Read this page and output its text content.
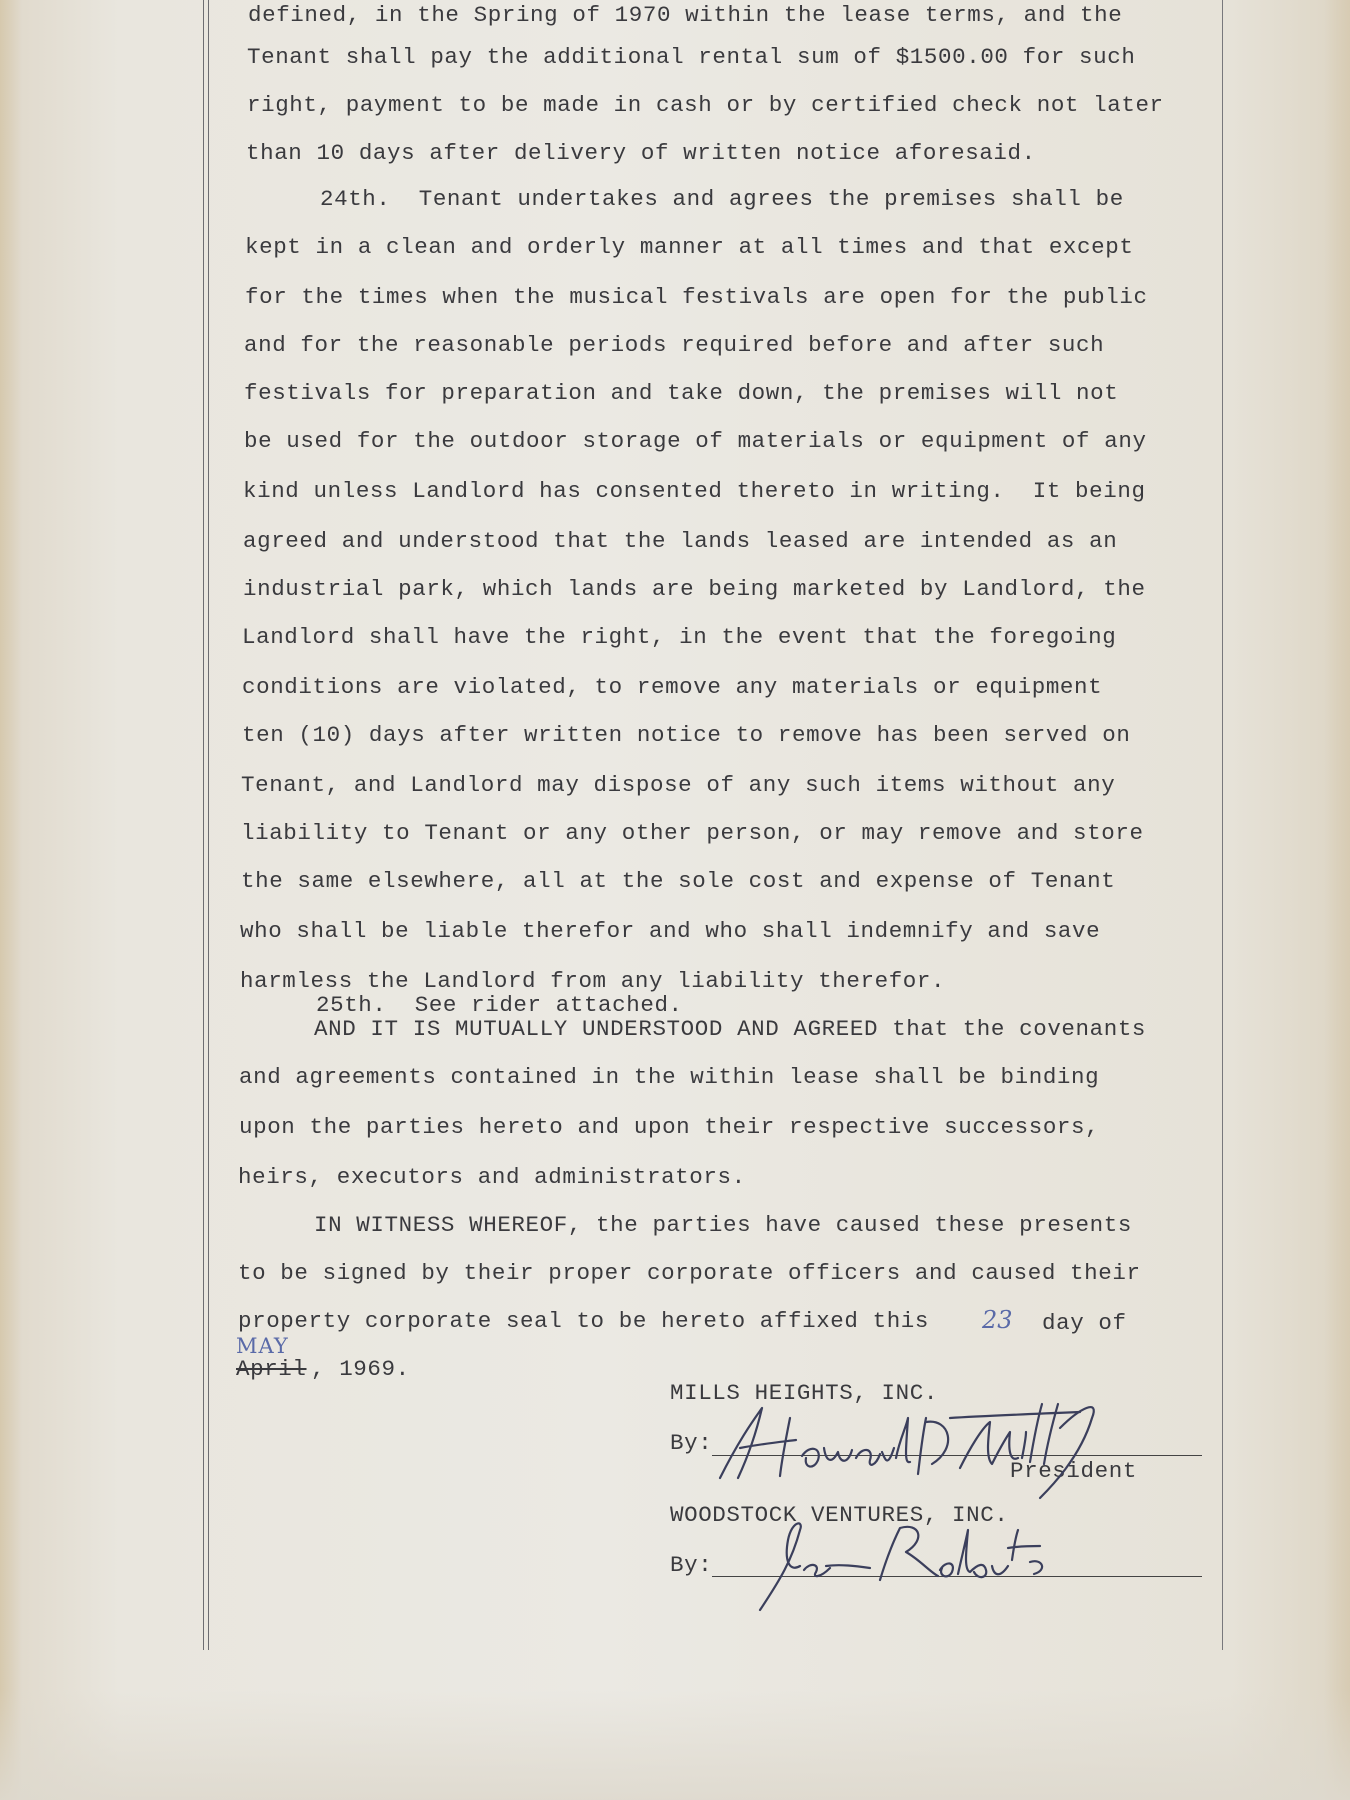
defined, in the Spring of 1970 within the lease terms, and the

Tenant shall pay the additional rental sum of $1500.00 for such

right, payment to be made in cash or by certified check not later

than 10 days after delivery of written notice aforesaid.

24th.  Tenant undertakes and agrees the premises shall be

kept in a clean and orderly manner at all times and that except

for the times when the musical festivals are open for the public

and for the reasonable periods required before and after such

festivals for preparation and take down, the premises will not

be used for the outdoor storage of materials or equipment of any

kind unless Landlord has consented thereto in writing.  It being

agreed and understood that the lands leased are intended as an

industrial park, which lands are being marketed by Landlord, the

Landlord shall have the right, in the event that the foregoing

conditions are violated, to remove any materials or equipment

ten (10) days after written notice to remove has been served on

Tenant, and Landlord may dispose of any such items without any

liability to Tenant or any other person, or may remove and store

the same elsewhere, all at the sole cost and expense of Tenant

who shall be liable therefor and who shall indemnify and save

harmless the Landlord from any liability therefor.

25th.  See rider attached.

AND IT IS MUTUALLY UNDERSTOOD AND AGREED that the covenants

and agreements contained in the within lease shall be binding

upon the parties hereto and upon their respective successors,

heirs, executors and administrators.

IN WITNESS WHEREOF, the parties have caused these presents

to be signed by their proper corporate officers and caused their

property corporate seal to be hereto affixed this

	day of

April

, 1969.

MILLS HEIGHTS, INC.

By:

President

WOODSTOCK VENTURES, INC.

By:

23
MAY
